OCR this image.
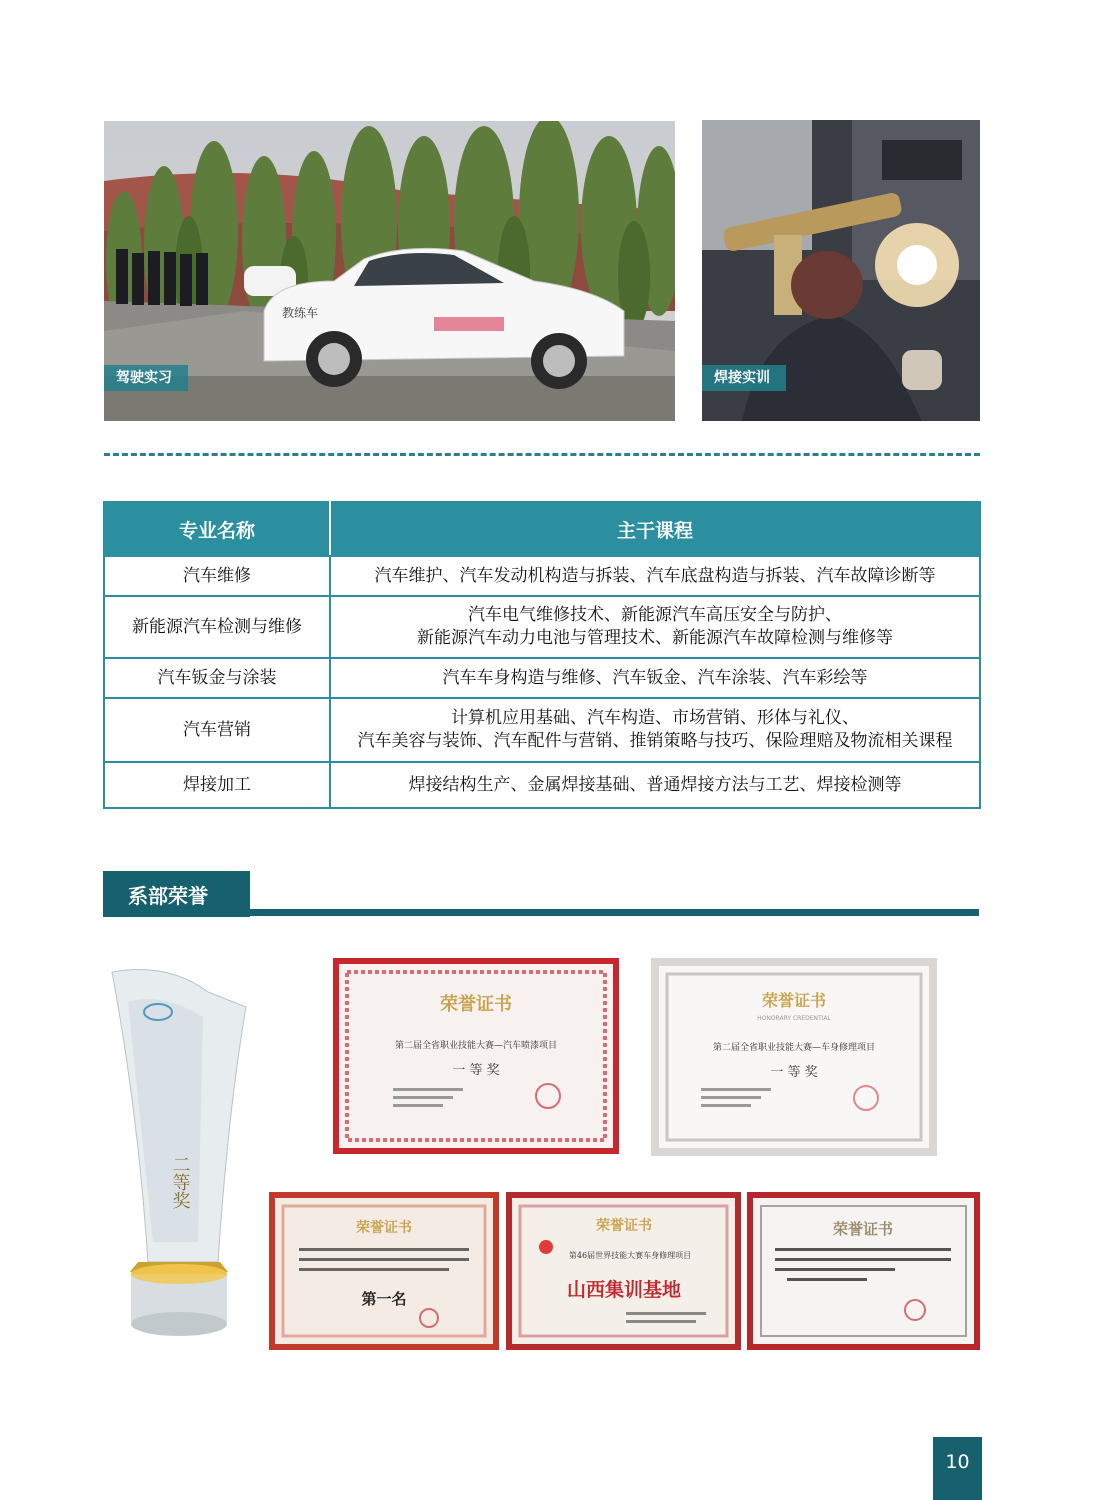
教练车
驾驶实习	焊接实训
专业名称	主干课程
汽车维修	汽车维护、汽车发动机构造与拆装、汽车底盘构造与拆装、汽车故障诊断等

新能源汽车检测与维修	汽车电气维修技术、新能源汽车高压安全与防护、
新能源汽车动力电池与管理技术、新能源汽车故障检测与维修等

汽车钣金与涂装	汽车车身构造与维修、汽车钣金、汽车涂装、汽车彩绘等

汽车营销	计算机应用基础、汽车构造、市场营销、形体与礼仪、
汽车美容与装饰、汽车配件与营销、推销策略与技巧、保险理赔及物流相关课程

焊接加工	焊接结构生产、金属焊接基础、普通焊接方法与工艺、焊接检测等
系部荣誉
二等奖
荣誉证书
第二届全省职业技能大赛—汽车喷漆项目
一 等 奖
荣誉证书
HONORARY CREDENTIAL
第二届全省职业技能大赛—车身修理项目
一 等 奖
荣誉证书
第一名
荣誉证书
第46届世界技能大赛车身修理项目
山西集训基地
荣誉证书
10
